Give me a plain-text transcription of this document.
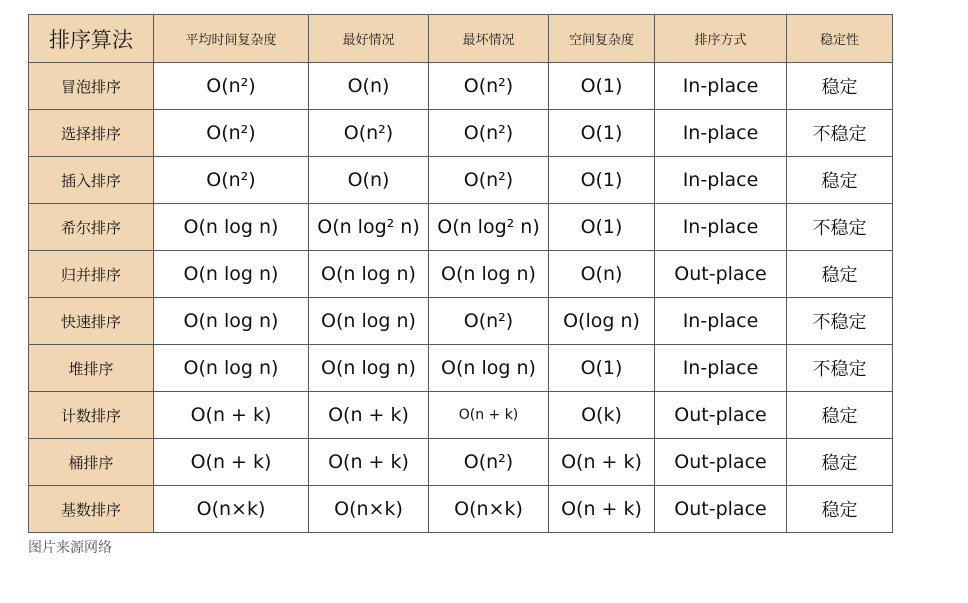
排序算法	平均时间复杂度	最好情况	最坏情况	空间复杂度	排序方式	稳定性
冒泡排序	O(n²)	O(n)	O(n²)	O(1)	In-place	稳定
选择排序	O(n²)	O(n²)	O(n²)	O(1)	In-place	不稳定
插入排序	O(n²)	O(n)	O(n²)	O(1)	In-place	稳定
希尔排序	O(n log n)	O(n log² n)	O(n log² n)	O(1)	In-place	不稳定
归并排序	O(n log n)	O(n log n)	O(n log n)	O(n)	Out-place	稳定
快速排序	O(n log n)	O(n log n)	O(n²)	O(log n)	In-place	不稳定
堆排序	O(n log n)	O(n log n)	O(n log n)	O(1)	In-place	不稳定
计数排序	O(n + k)	O(n + k)	O(n + k)	O(k)	Out-place	稳定
桶排序	O(n + k)	O(n + k)	O(n²)	O(n + k)	Out-place	稳定
基数排序	O(n×k)	O(n×k)	O(n×k)	O(n + k)	Out-place	稳定
图片来源网络
